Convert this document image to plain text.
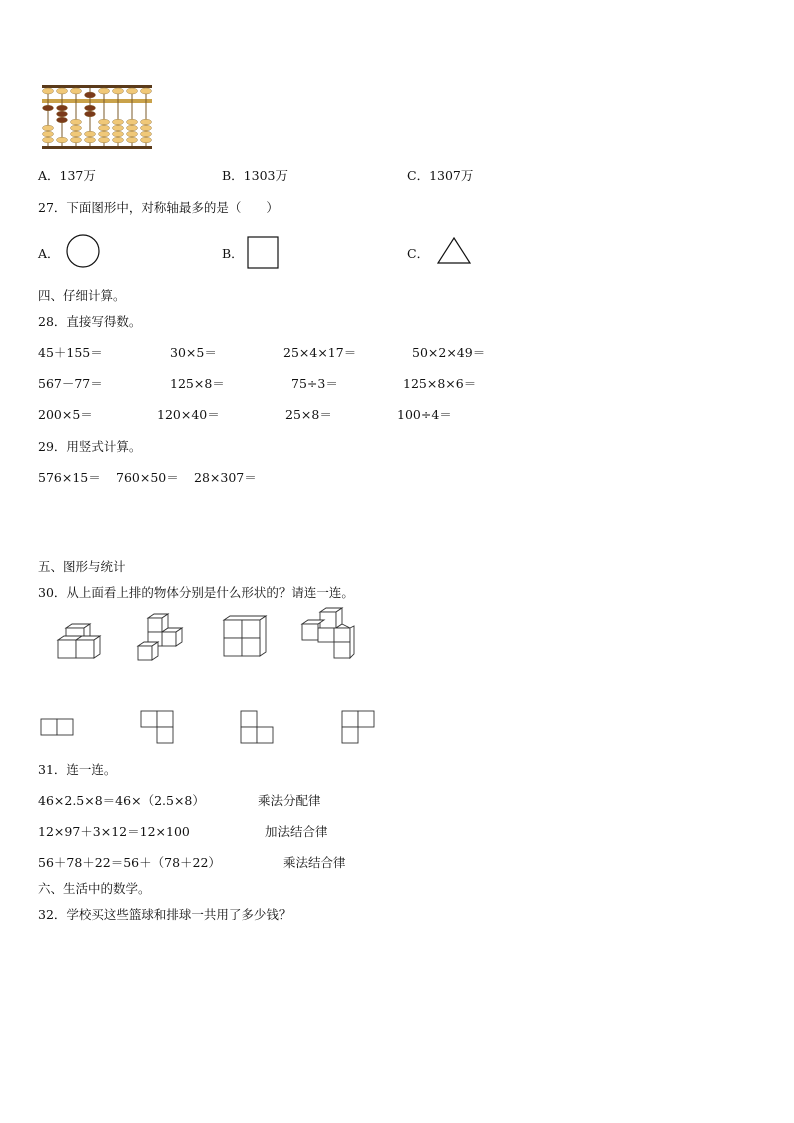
A．137万	B．1303万	C．1307万
27．下面图形中，对称轴最多的是（　　）
A．	B．	C．
四、仔细计算。
28．直接写得数。
45＋155＝	30×5＝	25×4×17＝	50×2×49＝
567－77＝	125×8＝	75÷3＝	125×8×6＝
200×5＝	120×40＝	25×8＝	100÷4＝
29．用竖式计算。
576×15＝ 760×50＝ 28×307＝
五、图形与统计
30．从上面看上排的物体分别是什么形状的？请连一连。
31．连一连。
46×2.5×8＝46×（2.5×8）	乘法分配律
12×97＋3×12＝12×100	加法结合律
56＋78＋22＝56＋（78＋22）	乘法结合律
六、生活中的数学。
32．学校买这些篮球和排球一共用了多少钱？
